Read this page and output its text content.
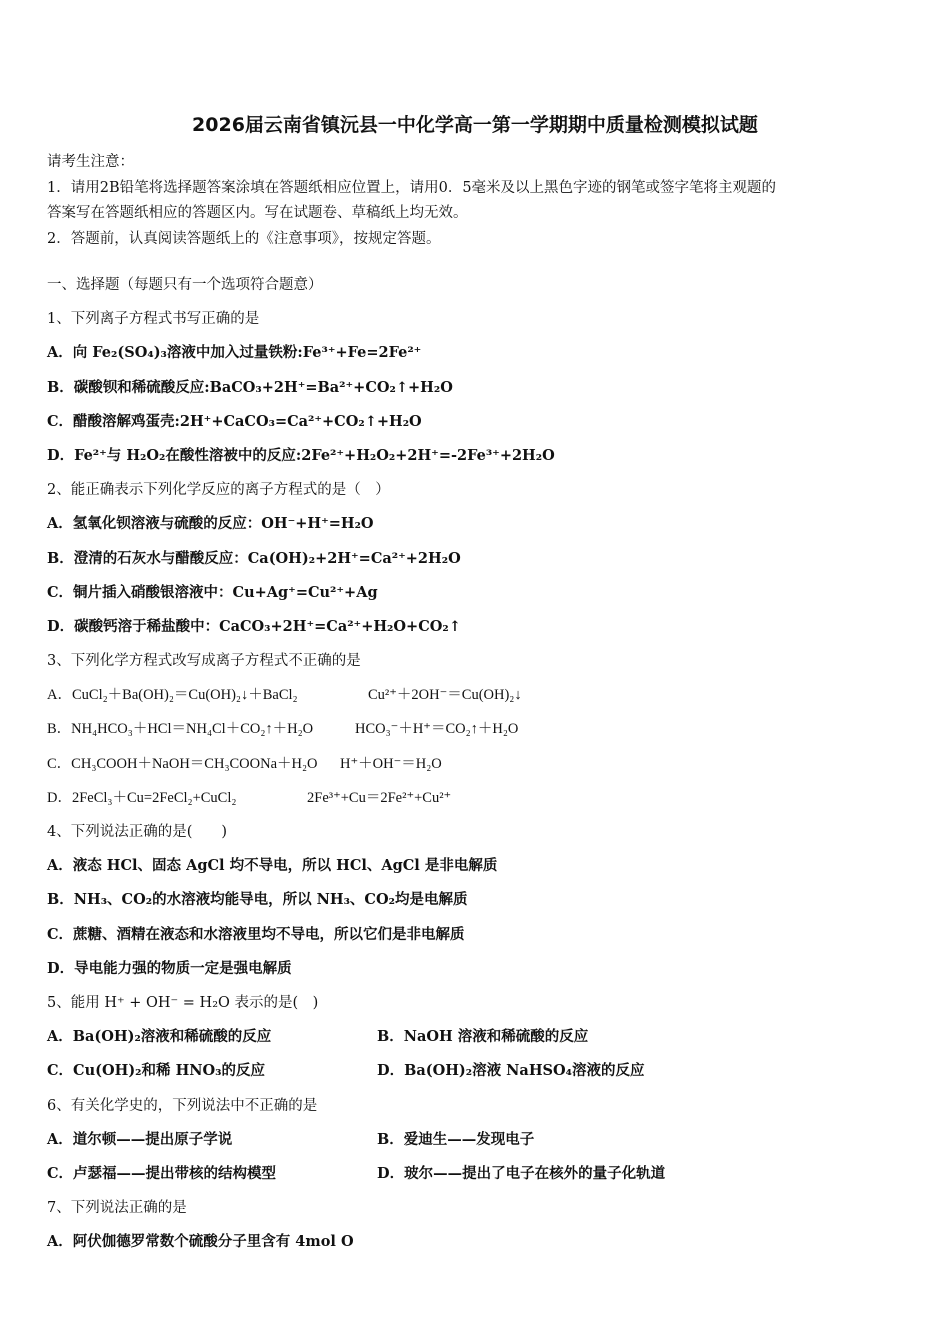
2026届云南省镇沅县一中化学高一第一学期期中质量检测模拟试题
请考生注意：
1．请用2B铅笔将选择题答案涂填在答题纸相应位置上，请用0．5毫米及以上黑色字迹的钢笔或签字笔将主观题的
答案写在答题纸相应的答题区内。写在试题卷、草稿纸上均无效。
2．答题前，认真阅读答题纸上的《注意事项》，按规定答题。
一、选择题（每题只有一个选项符合题意）
1、下列离子方程式书写正确的是
A．向 Fe₂(SO₄)₃溶液中加入过量铁粉:Fe³⁺+Fe=2Fe²⁺
B．碳酸钡和稀硫酸反应:BaCO₃+2H⁺=Ba²⁺+CO₂↑+H₂O
C．醋酸溶解鸡蛋壳:2H⁺+CaCO₃=Ca²⁺+CO₂↑+H₂O
D．Fe²⁺与 H₂O₂在酸性溶被中的反应:2Fe²⁺+H₂O₂+2H⁺=-2Fe³⁺+2H₂O
2、能正确表示下列化学反应的离子方程式的是（　）
A．氢氧化钡溶液与硫酸的反应：OH⁻+H⁺=H₂O
B．澄清的石灰水与醋酸反应：Ca(OH)₂+2H⁺=Ca²⁺+2H₂O
C．铜片插入硝酸银溶液中：Cu+Ag⁺=Cu²⁺+Ag
D．碳酸钙溶于稀盐酸中：CaCO₃+2H⁺=Ca²⁺+H₂O+CO₂↑
3、下列化学方程式改写成离子方程式不正确的是
A．CuCl₂＋Ba(OH)₂＝Cu(OH)₂↓＋BaCl₂	Cu²⁺＋2OH⁻＝Cu(OH)₂↓
B．NH₄HCO₃＋HCl＝NH₄Cl＋CO₂↑＋H₂O	HCO₃⁻＋H⁺＝CO₂↑＋H₂O
C．CH₃COOH＋NaOH＝CH₃COONa＋H₂O H⁺＋OH⁻＝H₂O
D．2FeCl₃＋Cu=2FeCl₂+CuCl₂	2Fe³⁺+Cu＝2Fe²⁺+Cu²⁺
4、下列说法正确的是(　　)
A．液态 HCl、固态 AgCl 均不导电，所以 HCl、AgCl 是非电解质
B．NH₃、CO₂的水溶液均能导电，所以 NH₃、CO₂均是电解质
C．蔗糖、酒精在液态和水溶液里均不导电，所以它们是非电解质
D．导电能力强的物质一定是强电解质
5、能用 H⁺ + OH⁻ = H₂O 表示的是(　)
A．Ba(OH)₂溶液和稀硫酸的反应	B．NaOH 溶液和稀硫酸的反应
C．Cu(OH)₂和稀 HNO₃的反应	D．Ba(OH)₂溶液 NaHSO₄溶液的反应
6、有关化学史的，下列说法中不正确的是
A．道尔顿——提出原子学说	B．爱迪生——发现电子
C．卢瑟福——提出带核的结构模型	D．玻尔——提出了电子在核外的量子化轨道
7、下列说法正确的是
A．阿伏伽德罗常数个硫酸分子里含有 4mol O
